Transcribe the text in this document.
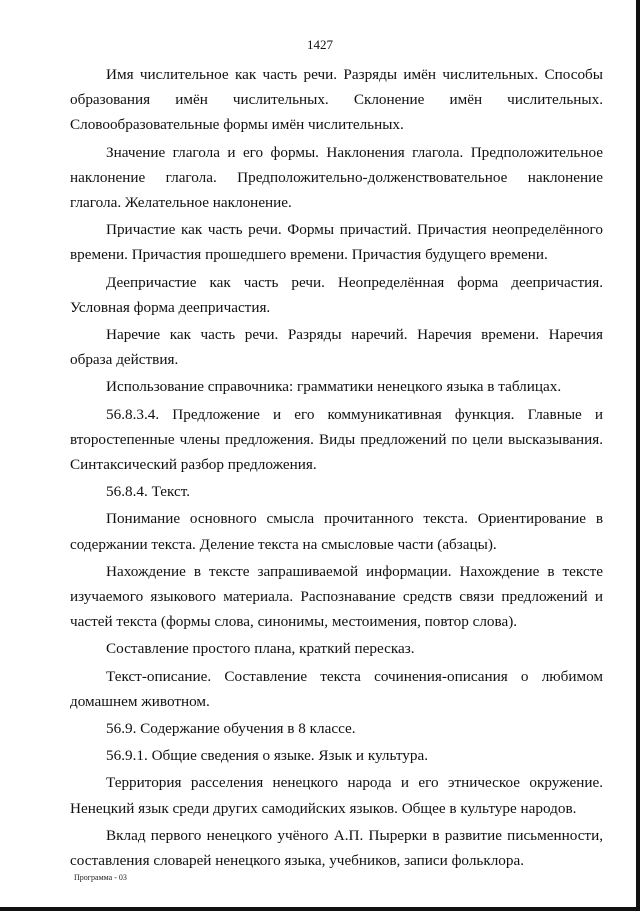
1427

Имя числительное как часть речи. Разряды имён числительных. Способы образования имён числительных. Склонение имён числительных. Словообразовательные формы имён числительных.

Значение глагола и его формы. Наклонения глагола. Предположительное наклонение глагола. Предположительно-долженствовательное наклонение глагола. Желательное наклонение.

Причастие как часть речи. Формы причастий. Причастия неопределённого времени. Причастия прошедшего времени. Причастия будущего времени.

Деепричастие как часть речи. Неопределённая форма деепричастия. Условная форма деепричастия.

Наречие как часть речи. Разряды наречий. Наречия времени. Наречия образа действия.

Использование справочника: грамматики ненецкого языка в таблицах.

56.8.3.4. Предложение и его коммуникативная функция. Главные и второстепенные члены предложения. Виды предложений по цели высказывания. Синтаксический разбор предложения.

56.8.4. Текст.

Понимание основного смысла прочитанного текста. Ориентирование в содержании текста. Деление текста на смысловые части (абзацы).

Нахождение в тексте запрашиваемой информации. Нахождение в тексте изучаемого языкового материала. Распознавание средств связи предложений и частей текста (формы слова, синонимы, местоимения, повтор слова).

Составление простого плана, краткий пересказ.

Текст-описание. Составление текста сочинения-описания о любимом домашнем животном.

56.9. Содержание обучения в 8 классе.

56.9.1. Общие сведения о языке. Язык и культура.

Территория расселения ненецкого народа и его этническое окружение. Ненецкий язык среди других самодийских языков. Общее в культуре народов.

Вклад первого ненецкого учёного А.П. Пырерки в развитие письменности, составления словарей ненецкого языка, учебников, записи фольклора.

Программа - 03
